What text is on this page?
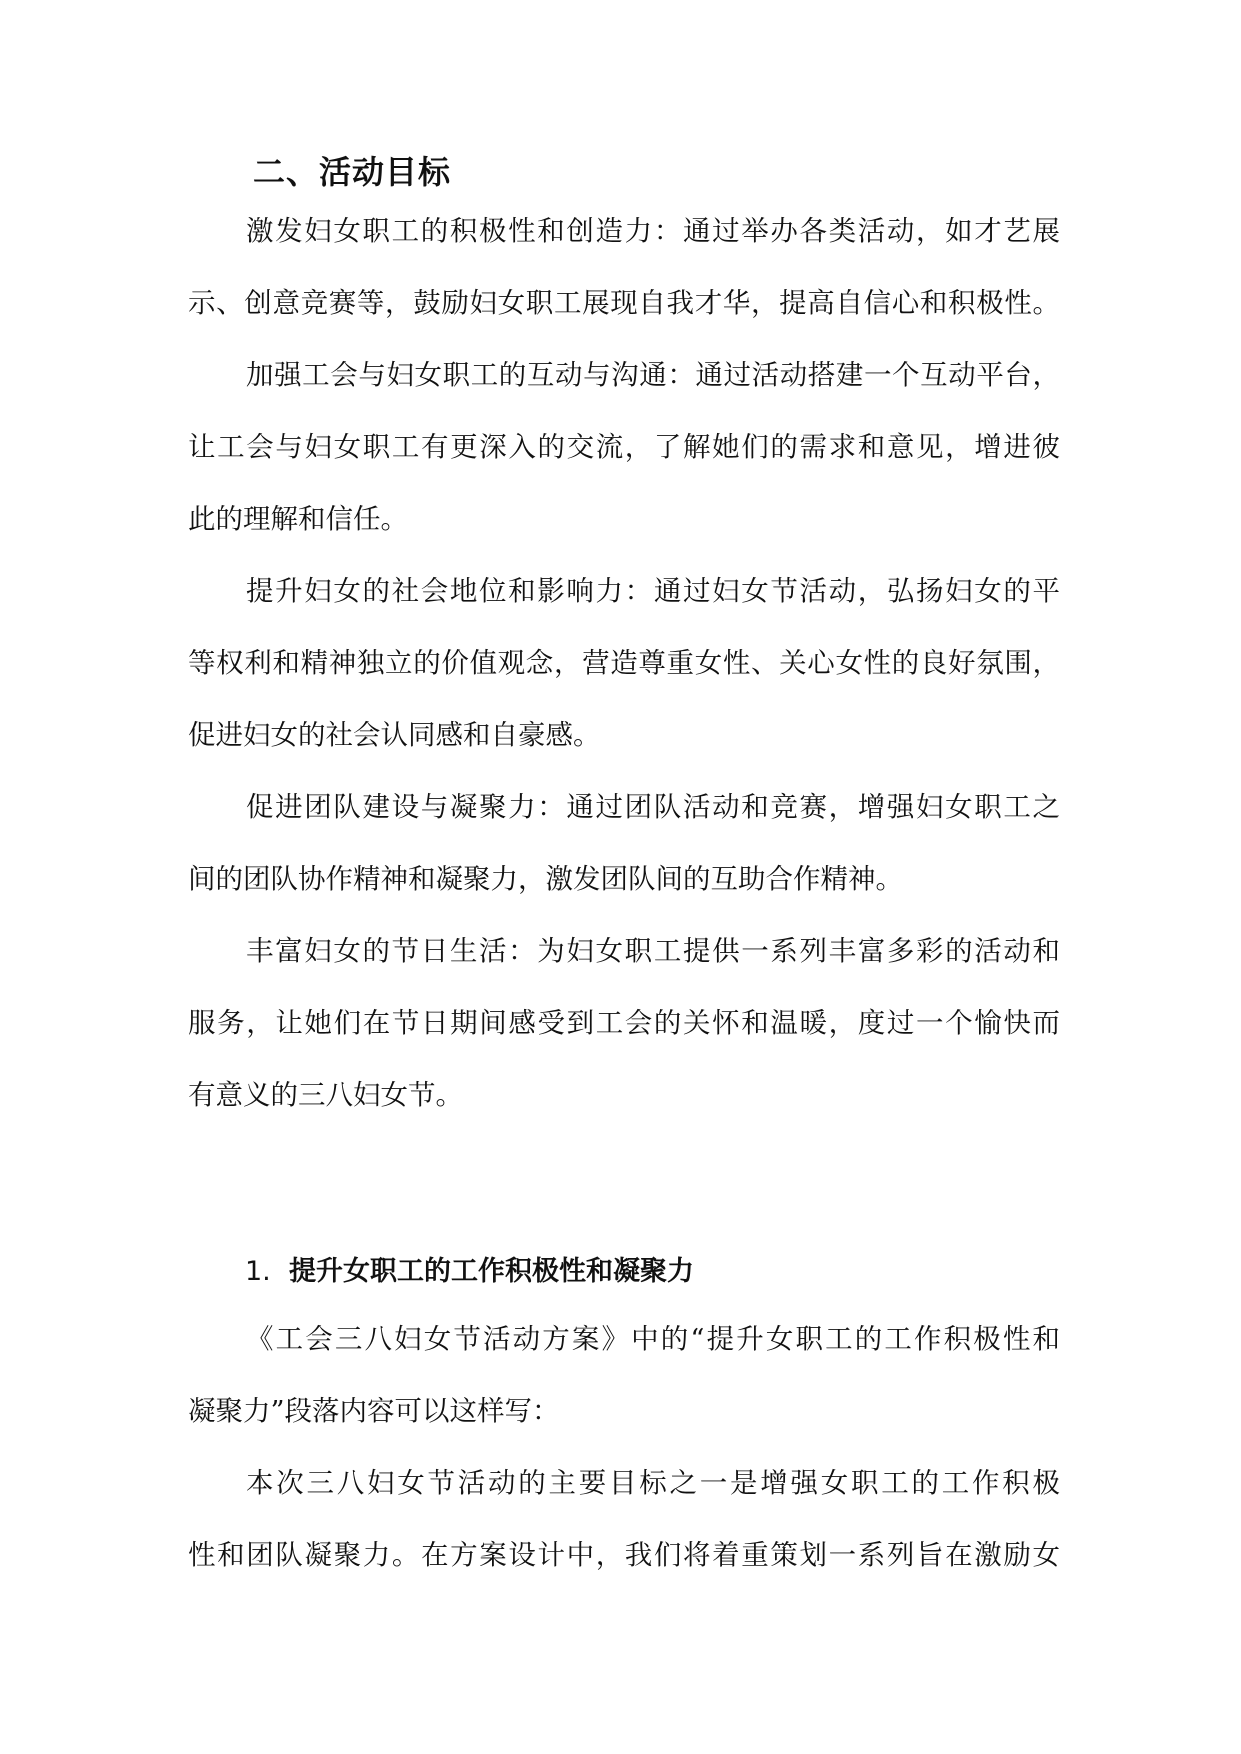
二、活动目标
激发妇女职工的积极性和创造力：通过举办各类活动，如才艺展
示、创意竞赛等，鼓励妇女职工展现自我才华，提高自信心和积极性。
加强工会与妇女职工的互动与沟通：通过活动搭建一个互动平台，
让工会与妇女职工有更深入的交流，了解她们的需求和意见，增进彼
此的理解和信任。
提升妇女的社会地位和影响力：通过妇女节活动，弘扬妇女的平
等权利和精神独立的价值观念，营造尊重女性、关心女性的良好氛围，
促进妇女的社会认同感和自豪感。
促进团队建设与凝聚力：通过团队活动和竞赛，增强妇女职工之
间的团队协作精神和凝聚力，激发团队间的互助合作精神。
丰富妇女的节日生活：为妇女职工提供一系列丰富多彩的活动和
服务，让她们在节日期间感受到工会的关怀和温暖，度过一个愉快而
有意义的三八妇女节。
1. 提升女职工的工作积极性和凝聚力
《工会三八妇女节活动方案》中的“提升女职工的工作积极性和
凝聚力”段落内容可以这样写：
本次三八妇女节活动的主要目标之一是增强女职工的工作积极
性和团队凝聚力。在方案设计中，我们将着重策划一系列旨在激励女
